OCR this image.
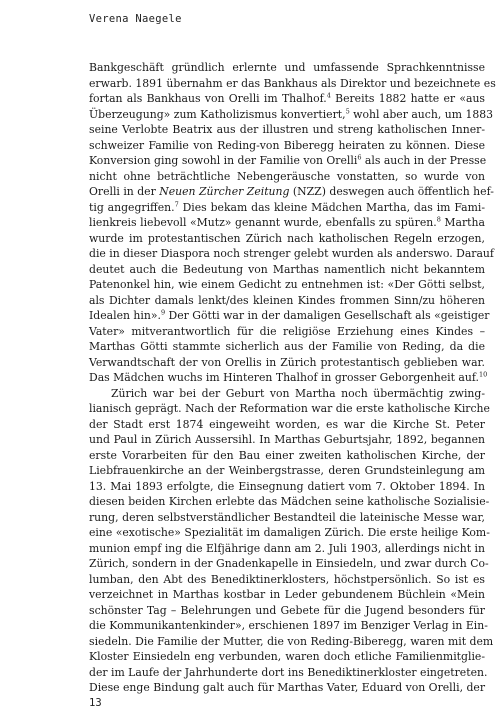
Verena Naegele

Bankgeschäft gründlich erlernte und umfassende Sprachkenntnisse
erwarb. 1891 übernahm er das Bankhaus als Direktor und bezeichnete es
fortan als Bankhaus von Orelli im Thalhof.$^4$ Bereits 1882 hatte er «aus
Überzeugung» zum Katholizismus konvertiert,$^5$ wohl aber auch, um 1883
seine Verlobte Beatrix aus der illustren und streng katholischen Inner-
schweizer Familie von Reding-von Biberegg heiraten zu können. Diese
Konversion ging sowohl in der Familie von Orelli$^6$ als auch in der Presse
nicht ohne beträchtliche Nebengeräusche vonstatten, so wurde von
Orelli in der Neuen Zürcher Zeitung (NZZ) deswegen auch öffentlich hef-
tig angegriffen.$^7$ Dies bekam das kleine Mädchen Martha, das im Fami-
lienkreis liebevoll «Mutz» genannt wurde, ebenfalls zu spüren.$^8$ Martha
wurde im protestantischen Zürich nach katholischen Regeln erzogen,
die in dieser Diaspora noch strenger gelebt wurden als anderswo. Darauf
deutet auch die Bedeutung von Marthas namentlich nicht bekanntem
Patenonkel hin, wie einem Gedicht zu entnehmen ist: «Der Götti selbst,
als Dichter damals lenkt/des kleinen Kindes frommen Sinn/zu höheren
Idealen hin».$^9$ Der Götti war in der damaligen Gesellschaft als «geistiger
Vater» mitverantwortlich für die religiöse Erziehung eines Kindes –
Marthas Götti stammte sicherlich aus der Familie von Reding, da die
Verwandtschaft der von Orellis in Zürich protestantisch geblieben war.
Das Mädchen wuchs im Hinteren Thalhof in grosser Geborgenheit auf.$^{10}$

Zürich war bei der Geburt von Martha noch übermächtig zwing-
lianisch geprägt. Nach der Reformation war die erste katholische Kirche
der Stadt erst 1874 eingeweiht worden, es war die Kirche St. Peter
und Paul in Zürich Aussersihl. In Marthas Geburtsjahr, 1892, begannen
erste Vorarbeiten für den Bau einer zweiten katholischen Kirche, der
Liebfrauenkirche an der Weinbergstrasse, deren Grundsteinlegung am
13. Mai 1893 erfolgte, die Einsegnung datiert vom 7. Oktober 1894. In
diesen beiden Kirchen erlebte das Mädchen seine katholische Sozialisie-
rung, deren selbstverständlicher Bestandteil die lateinische Messe war,
eine «exotische» Spezialität im damaligen Zürich. Die erste heilige Kom-
munion empf ing die Elfjährige dann am 2. Juli 1903, allerdings nicht in
Zürich, sondern in der Gnadenkapelle in Einsiedeln, und zwar durch Co-
lumban, den Abt des Benediktinerklosters, höchstpersönlich. So ist es
verzeichnet in Marthas kostbar in Leder gebundenem Büchlein «Mein
schönster Tag – Belehrungen und Gebete für die Jugend besonders für
die Kommunikantenkinder», erschienen 1897 im Benziger Verlag in Ein-
siedeln. Die Familie der Mutter, die von Reding-Biberegg, waren mit dem
Kloster Einsiedeln eng verbunden, waren doch etliche Familienmitglie-
der im Laufe der Jahrhunderte dort ins Benediktinerkloster eingetreten.
Diese enge Bindung galt auch für Marthas Vater, Eduard von Orelli, der

13
